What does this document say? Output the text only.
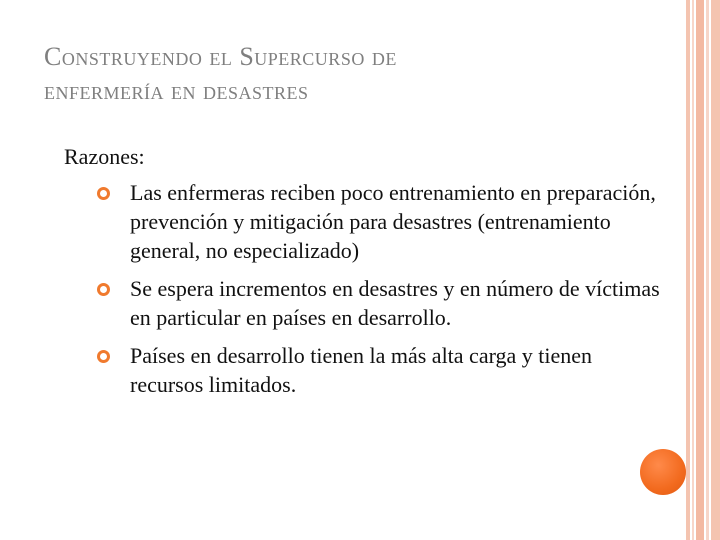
Construyendo el Supercurso de
enfermería en desastres

Razones:

Las enfermeras reciben poco entrenamiento en preparación, prevención y mitigación para desastres (entrenamiento general, no especializado)
Se espera incrementos en desastres y en número de víctimas en particular en países en desarrollo.
Países en desarrollo tienen la más alta carga y tienen recursos limitados.
